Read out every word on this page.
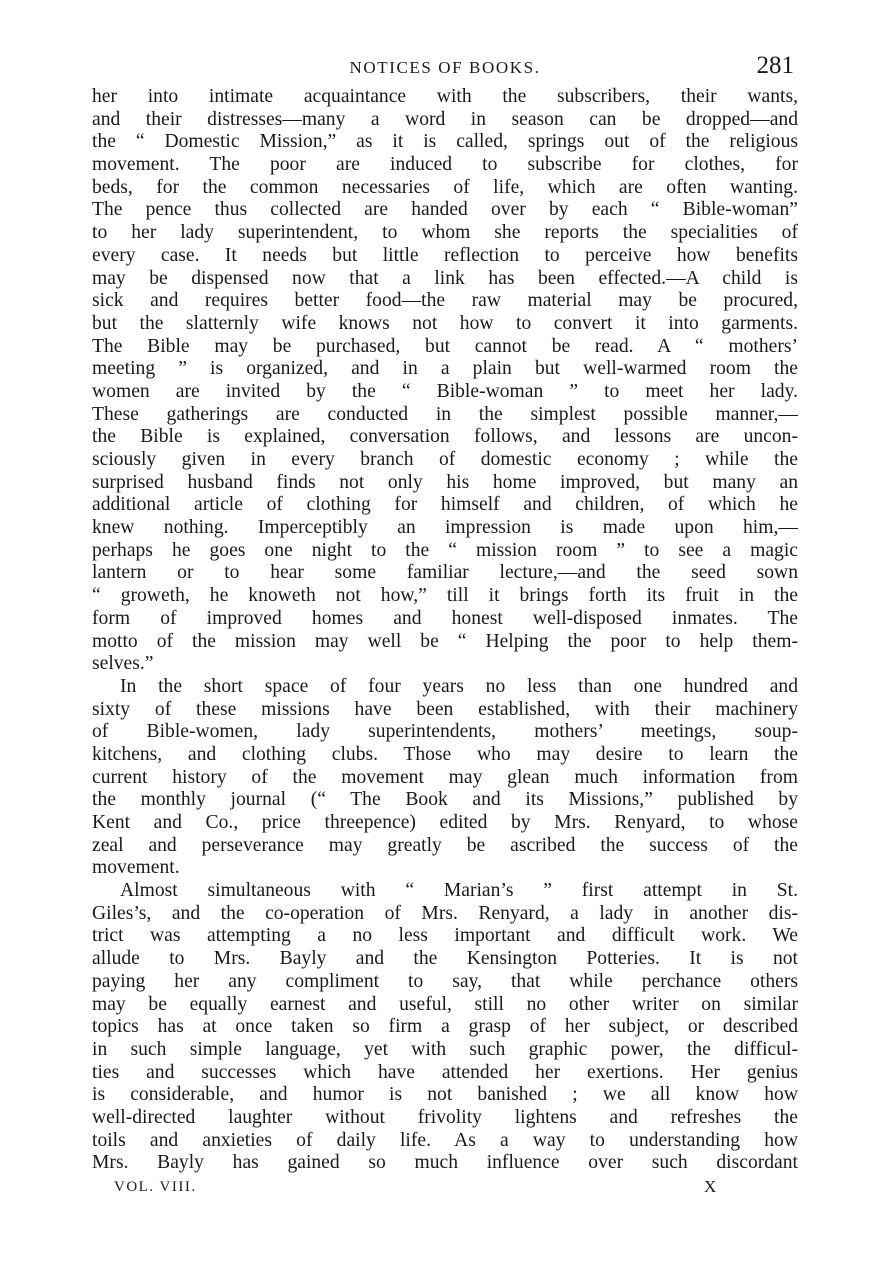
NOTICES OF BOOKS.	281
her into intimate acquaintance with the subscribers, their wants,
and their distresses—many a word in season can be dropped—and
the “ Domestic Mission,” as it is called, springs out of the religious
movement. The poor are induced to subscribe for clothes, for
beds, for the common necessaries of life, which are often wanting.
The pence thus collected are handed over by each “ Bible-woman”
to her lady superintendent, to whom she reports the specialities of
every case. It needs but little reflection to perceive how benefits
may be dispensed now that a link has been effected.—A child is
sick and requires better food—the raw material may be procured,
but the slatternly wife knows not how to convert it into garments.
The Bible may be purchased, but cannot be read. A “ mothers’
meeting ” is organized, and in a plain but well-warmed room the
women are invited by the “ Bible-woman ” to meet her lady.
These gatherings are conducted in the simplest possible manner,—
the Bible is explained, conversation follows, and lessons are uncon-
sciously given in every branch of domestic economy ; while the
surprised husband finds not only his home improved, but many an
additional article of clothing for himself and children, of which he
knew nothing. Imperceptibly an impression is made upon him,—
perhaps he goes one night to the “ mission room ” to see a magic
lantern or to hear some familiar lecture,—and the seed sown
“ groweth, he knoweth not how,” till it brings forth its fruit in the
form of improved homes and honest well-disposed inmates. The
motto of the mission may well be “ Helping the poor to help them-
selves.”
In the short space of four years no less than one hundred and
sixty of these missions have been established, with their machinery
of Bible-women, lady superintendents, mothers’ meetings, soup-
kitchens, and clothing clubs. Those who may desire to learn the
current history of the movement may glean much information from
the monthly journal (“ The Book and its Missions,” published by
Kent and Co., price threepence) edited by Mrs. Renyard, to whose
zeal and perseverance may greatly be ascribed the success of the
movement.
Almost simultaneous with “ Marian’s ” first attempt in St.
Giles’s, and the co-operation of Mrs. Renyard, a lady in another dis-
trict was attempting a no less important and difficult work. We
allude to Mrs. Bayly and the Kensington Potteries. It is not
paying her any compliment to say, that while perchance others
may be equally earnest and useful, still no other writer on similar
topics has at once taken so firm a grasp of her subject, or described
in such simple language, yet with such graphic power, the difficul-
ties and successes which have attended her exertions. Her genius
is considerable, and humor is not banished ; we all know how
well-directed laughter without frivolity lightens and refreshes the
toils and anxieties of daily life. As a way to understanding how
Mrs. Bayly has gained so much influence over such discordant
VOL. VIII.	X
